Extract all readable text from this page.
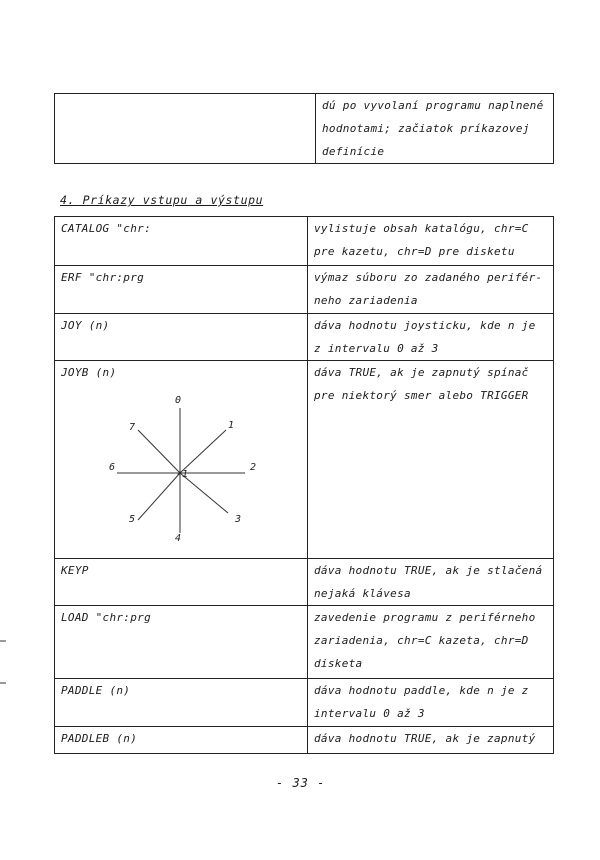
dú po vyvolaní programu naplnené
hodnotami; začiatok príkazovej
definície
4. Príkazy vstupu a výstupu
CATALOG "chr:	vylistuje obsah katalógu, chr=C
pre kazetu, chr=D pre disketu

ERF "chr:prg	výmaz súboru zo zadaného perifér-
neho zariadenia

JOY (n)	dáva hodnotu joysticku, kde n je
z intervalu 0 až 3

JOYB (n)	dáva TRUE, ak je zapnutý spínač
pre niektorý smer alebo TRIGGER

KEYP	dáva hodnotu TRUE, ak je stlačená
nejaká klávesa

LOAD "chr:prg	zavedenie programu z periférneho
zariadenia, chr=C kazeta, chr=D
disketa

PADDLE (n)	dáva hodnotu paddle, kde n je z
intervalu 0 až 3

PADDLEB (n)	dáva hodnotu TRUE, ak je zapnutý
0
1
2
3
4
5
6
7
-1
- 33 -
